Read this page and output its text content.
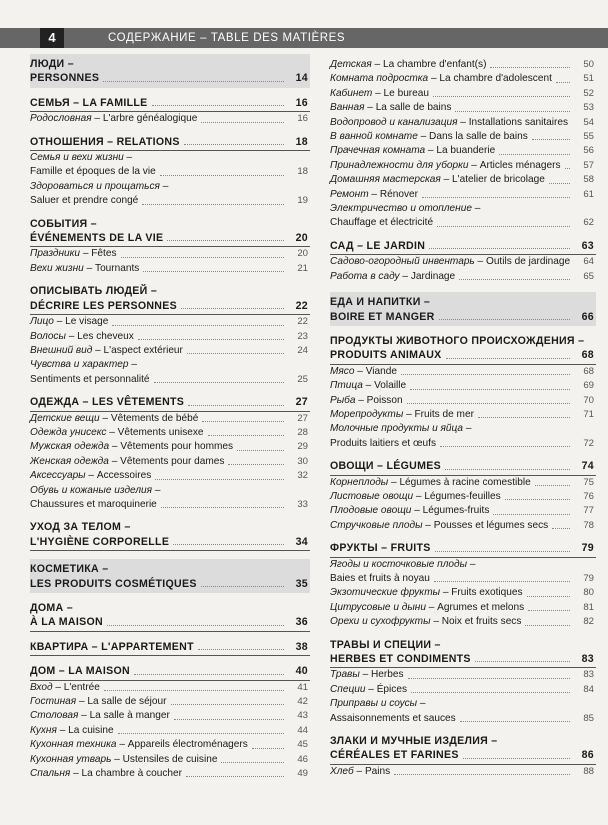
4	СОДЕРЖАНИЕ – TABLE DES MATIÈRES
ЛЮДИ –
PERSONNES	14
СЕМЬЯ – LA FAMILLE	16
Родословная – L'arbre généalogique	16
ОТНОШЕНИЯ – RELATIONS	18
Семья и вехи жизни –
Famille et époques de la vie	18
Здороваться и прощаться –
Saluer et prendre congé	19
СОБЫТИЯ –
ÉVÉNEMENTS DE LA VIE	20
Праздники – Fêtes	20
Вехи жизни – Tournants	21
ОПИСЫВАТЬ ЛЮДЕЙ –
DÉCRIRE LES PERSONNES	22
Лицо – Le visage	22
Волосы – Les cheveux	23
Внешний вид – L'aspect extérieur	24
Чувства и характер –
Sentiments et personnalité	25
ОДЕЖДА – LES VÊTEMENTS	27
Детские вещи – Vêtements de bébé	27
Одежда унисекс – Vêtements unisexe	28
Мужская одежда – Vêtements pour hommes	29
Женская одежда – Vêtements pour dames	30
Аксессуары – Accessoires	32
Обувь и кожаные изделия –
Chaussures et maroquinerie	33
УХОД ЗА ТЕЛОМ –
L'HYGIÈNE CORPORELLE	34
КОСМЕТИКА –
LES PRODUITS COSMÉTIQUES	35
ДОМА –
À LA MAISON	36
КВАРТИРА – L'APPARTEMENT	38
ДОМ – LA MAISON	40
Вход – L'entrée	41
Гостиная – La salle de séjour	42
Столовая – La salle à manger	43
Кухня – La cuisine	44
Кухонная техника – Appareils électroménagers	45
Кухонная утварь – Ustensiles de cuisine	46
Спальня – La chambre à coucher	49
Детская – La chambre d'enfant(s)	50
Комната подростка – La chambre d'adolescent	51
Кабинет – Le bureau	52
Ванная – La salle de bains	53
Водопровод и канализация – Installations sanitaires 54
В ванной комнате – Dans la salle de bains	55
Прачечная комната – La buanderie	56
Принадлежности для уборки – Articles ménagers 57
Домашняя мастерская – L'atelier de bricolage	58
Ремонт – Rénover	61
Электричество и отопление –
Chauffage et électricité	62
САД – LE JARDIN	63
Садово-огородный инвентарь – Outils de jardinage 64
Работа в саду – Jardinage	65
ЕДА И НАПИТКИ –
BOIRE ET MANGER	66
ПРОДУКТЫ ЖИВОТНОГО ПРОИСХОЖДЕНИЯ –
PRODUITS ANIMAUX	68
Мясо – Viande	68
Птица – Volaille	69
Рыба – Poisson	70
Морепродукты – Fruits de mer	71
Молочные продукты и яйца –
Produits laitiers et œufs	72
ОВОЩИ – LÉGUMES	74
Корнеплоды – Légumes à racine comestible	75
Листовые овощи – Légumes-feuilles	76
Плодовые овощи – Légumes-fruits	77
Стручковые плоды – Pousses et légumes secs	78
ФРУКТЫ – FRUITS	79
Ягоды и косточковые плоды –
Baies et fruits à noyau	79
Экзотические фрукты – Fruits exotiques	80
Цитрусовые и дыни – Agrumes et melons	81
Орехи и сухофрукты – Noix et fruits secs	82
ТРАВЫ И СПЕЦИИ –
HERBES ET CONDIMENTS	83
Травы – Herbes	83
Специи – Épices	84
Приправы и соусы –
Assaisonnements et sauces	85
ЗЛАКИ И МУЧНЫЕ ИЗДЕЛИЯ –
CÉRÉALES ET FARINES	86
Хлеб – Pains	88
